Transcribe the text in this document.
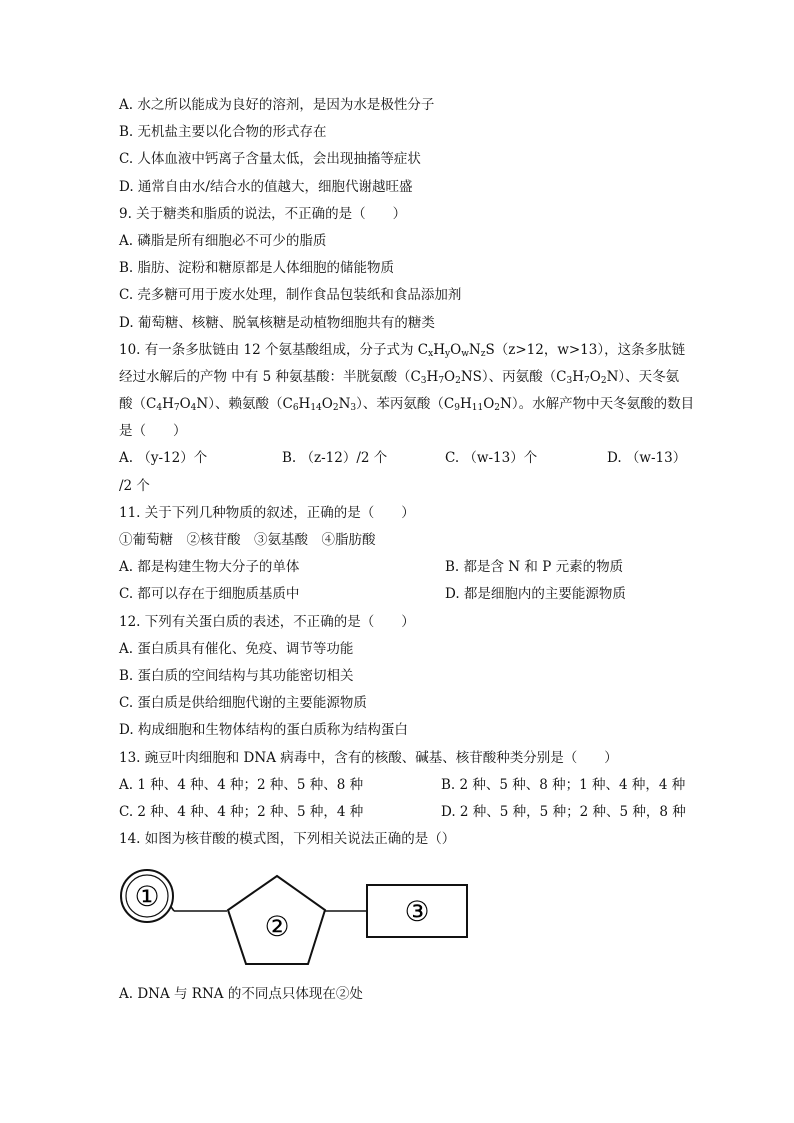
A. 水之所以能成为良好的溶剂，是因为水是极性分子
B. 无机盐主要以化合物的形式存在
C. 人体血液中钙离子含量太低，会出现抽搐等症状
D. 通常自由水/结合水的值越大，细胞代谢越旺盛
9. 关于糖类和脂质的说法，不正确的是（　　）
A. 磷脂是所有细胞必不可少的脂质
B. 脂肪、淀粉和糖原都是人体细胞的储能物质
C. 壳多糖可用于废水处理，制作食品包装纸和食品添加剂
D. 葡萄糖、核糖、脱氧核糖是动植物细胞共有的糖类
10. 有一条多肽链由 12 个氨基酸组成，分子式为 $C_xH_yO_wN_zS(z>12$，w>13），这条多肽链
经过水解后的产物 中有 5 种氨基酸：半胱氨酸$(C_3H_7O_2NS)$、丙氨酸$(C_3H_7O_2N)$、天冬氨
酸$(C_4H_7O_4N)$、赖氨酸$(C_6H_{14}O_2N_3)$、苯丙氨酸$(C_9H_{11}O_2N)$。水解产物中天冬氨酸的数目
是（　　）
A. （y-12）个	B. （z-12）/2 个	C. （w-13）个	D. （w-13）
/2 个
11. 关于下列几种物质的叙述，正确的是（　　）
①葡萄糖　②核苷酸　③氨基酸　④脂肪酸
A. 都是构建生物大分子的单体	B. 都是含 N 和 P 元素的物质
C. 都可以存在于细胞质基质中	D. 都是细胞内的主要能源物质
12. 下列有关蛋白质的表述，不正确的是（　　）
A. 蛋白质具有催化、免疫、调节等功能
B. 蛋白质的空间结构与其功能密切相关
C. 蛋白质是供给细胞代谢的主要能源物质
D. 构成细胞和生物体结构的蛋白质称为结构蛋白
13. 豌豆叶肉细胞和 DNA 病毒中，含有的核酸、碱基、核苷酸种类分别是（　　）
A. 1 种、4 种、4 种；2 种、5 种、8 种	B. 2 种、5 种、8 种；1 种、4 种，4 种
C. 2 种、4 种、4 种；2 种、5 种，4 种	D. 2 种、5 种，5 种；2 种、5 种，8 种
14. 如图为核苷酸的模式图，下列相关说法正确的是（）
①
②	③
A. DNA 与 RNA 的不同点只体现在②处
